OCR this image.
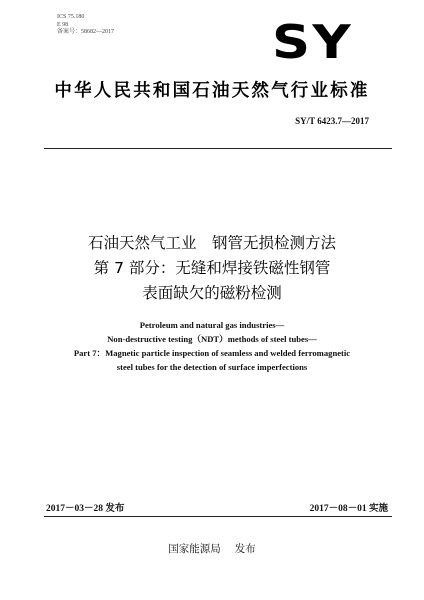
ICS 75.180
E 98
备案号：58682—2017	SY
中华人民共和国石油天然气行业标准
SY/T 6423.7—2017
石油天然气工业　钢管无损检测方法
第 7 部分：无缝和焊接铁磁性钢管
表面缺欠的磁粉检测
Petroleum and natural gas industries—
Non-destructive testing（NDT）methods of steel tubes—
Part 7：Magnetic particle inspection of seamless and welded ferromagnetic
steel tubes for the detection of surface imperfections
2017－03－28 发布	2017－08－01 实施
国家能源局 发布
